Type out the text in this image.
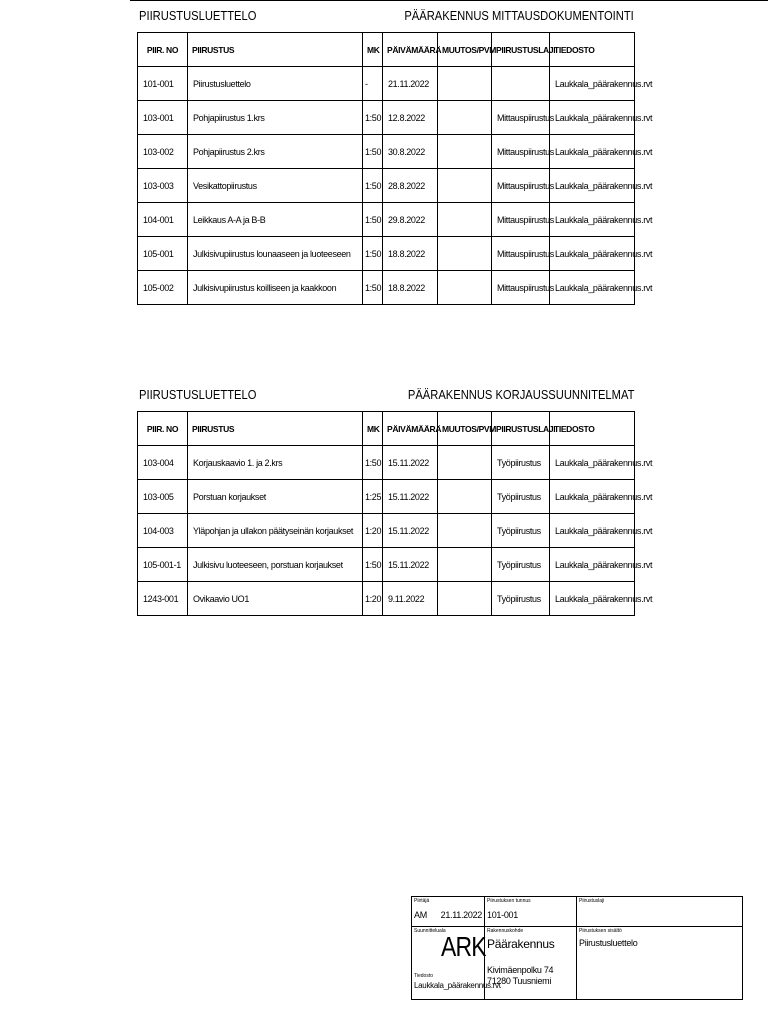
PIIRUSTUSLUETTELO	PÄÄRAKENNUS MITTAUSDOKUMENTOINTI
PIIR. NO	PIIRUSTUS	MK	PÄIVÄMÄÄRÄ	MUUTOS/PVM	PIIRUSTUSLAJI	TIEDOSTO
101-001	Piirustusluettelo	-	21.11.2022			Laukkala_päärakennus.rvt
103-001	Pohjapiirustus 1.krs	1:50	12.8.2022		Mittauspiirustus	Laukkala_päärakennus.rvt
103-002	Pohjapiirustus 2.krs	1:50	30.8.2022		Mittauspiirustus	Laukkala_päärakennus.rvt
103-003	Vesikattopiirustus	1:50	28.8.2022		Mittauspiirustus	Laukkala_päärakennus.rvt
104-001	Leikkaus A-A ja B-B	1:50	29.8.2022		Mittauspiirustus	Laukkala_päärakennus.rvt
105-001	Julkisivupiirustus lounaaseen ja luoteeseen	1:50	18.8.2022		Mittauspiirustus	Laukkala_päärakennus.rvt
105-002	Julkisivupiirustus koilliseen ja kaakkoon	1:50	18.8.2022		Mittauspiirustus	Laukkala_päärakennus.rvt
PIIRUSTUSLUETTELO	PÄÄRAKENNUS KORJAUSSUUNNITELMAT
PIIR. NO	PIIRUSTUS	MK	PÄIVÄMÄÄRÄ	MUUTOS/PVM	PIIRUSTUSLAJI	TIEDOSTO
103-004	Korjauskaavio 1. ja 2.krs	1:50	15.11.2022		Työpiirustus	Laukkala_päärakennus.rvt
103-005	Porstuan korjaukset	1:25	15.11.2022		Työpiirustus	Laukkala_päärakennus.rvt
104-003	Yläpohjan ja ullakon päätyseinän korjaukset	1:20	15.11.2022		Työpiirustus	Laukkala_päärakennus.rvt
105-001-1	Julkisivu luoteeseen, porstuan korjaukset	1:50	15.11.2022		Työpiirustus	Laukkala_päärakennus.rvt
1243-001	Ovikaavio UO1	1:20	9.11.2022		Työpiirustus	Laukkala_päärakennus.rvt
Piirtäjä
AM 21.11.2022
Piirustuksen tunnus
101-001
Piirustuslaji
Suunnittelualа
ARK
Tiedosto
Laukkala_päärakennus.rvt
Rakennuskohde
Päärakennus
Kivimäenpolku 74
71280 Tuusniemi
Piirustuksen sisältö
Piirustusluettelo
